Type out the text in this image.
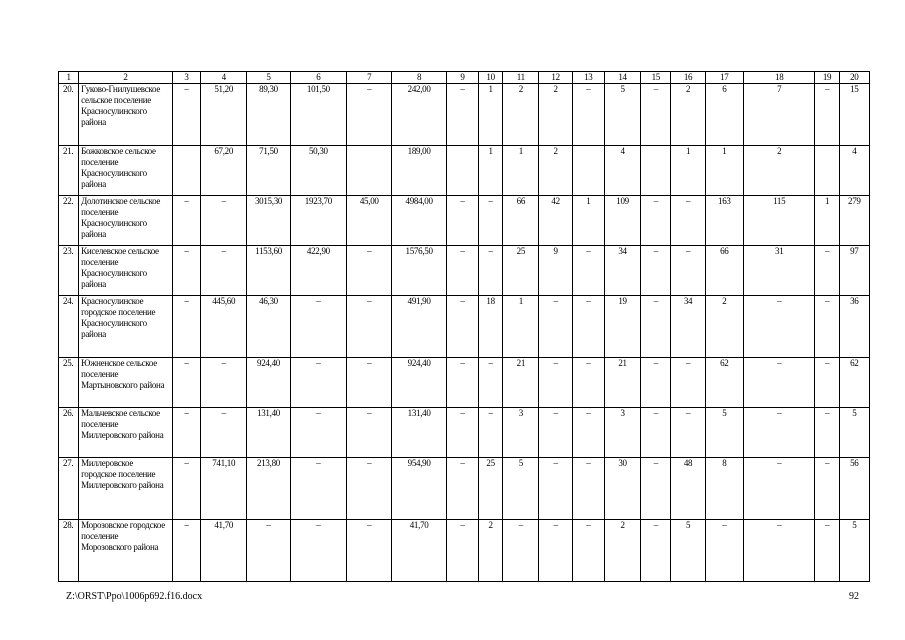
1	2	3	4	5	6	7	8	9	10	11	12	13	14	15	16	17	18	19	20
20.	Гуково-Гнилушевское сельское поселение Красносулинского района	–	51,20	89,30	101,50	–	242,00	–	1	2	2	–	5	–	2	6	7	–	15
21.	Божковское сельское поселение Красносулинского района		67,20	71,50	50,30		189,00		1	1	2		4		1	1	2		4
22.	Долотинское сельское поселение Красносулинского района	–	–	3015,30	1923,70	45,00	4984,00	–	–	66	42	1	109	–	–	163	115	1	279
23.	Киселевское сельское поселение Красносулинского района	–	–	1153,60	422,90	–	1576,50	–	–	25	9	–	34	–	–	66	31	–	97
24.	Красносулинское городское поселение Красносулинского района	–	445,60	46,30	–	–	491,90	–	18	1	–	–	19	–	34	2	–	–	36
25.	Южненское сельское поселение Мартыновского района	–	–	924,40	–	–	924,40	–	–	21	–	–	21	–	–	62	–	–	62
26.	Мальчевское сельское поселение Миллеровского района	–	–	131,40	–	–	131,40	–	–	3	–	–	3	–	–	5	–	–	5
27.	Миллеровское городское поселение Миллеровского района	–	741,10	213,80	–	–	954,90	–	25	5	–	–	30	–	48	8	–	–	56
28.	Морозовское городское поселение Морозовского района	–	41,70	–	–	–	41,70	–	2	–	–	–	2	–	5	–	–	–	5
Z:\ORST\Ppo\1006p692.f16.docx	92
